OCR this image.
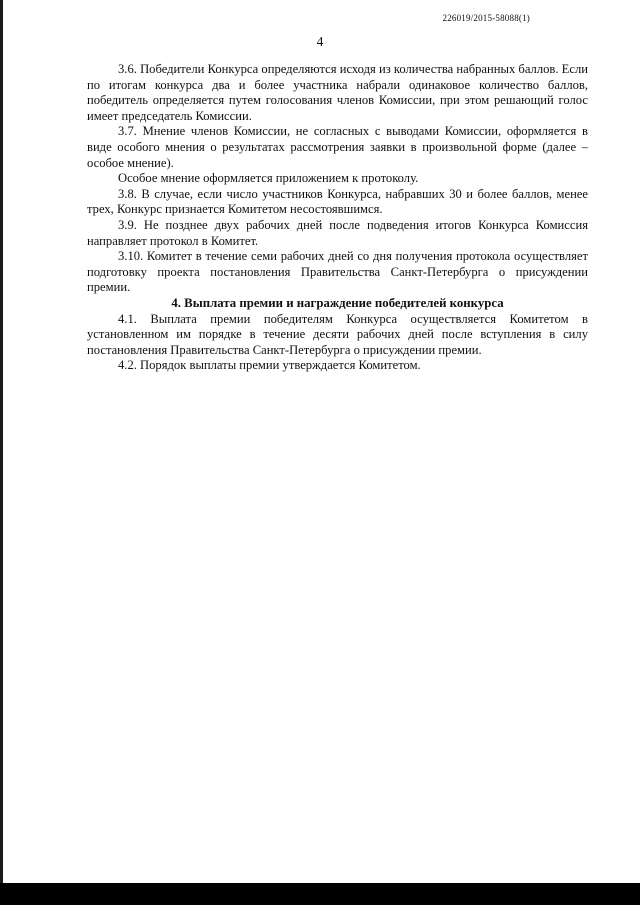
226019/2015-58088(1)
4

3.6. Победители Конкурса определяются исходя из количества набранных баллов. Если по итогам конкурса два и более участника набрали одинаковое количество баллов, победитель определяется путем голосования членов Комиссии, при этом решающий голос имеет председатель Комиссии.

3.7. Мнение членов Комиссии, не согласных с выводами Комиссии, оформляется в виде особого мнения о результатах рассмотрения заявки в произвольной форме (далее – особое мнение).

Особое мнение оформляется приложением к протоколу.

3.8. В случае, если число участников Конкурса, набравших 30 и более баллов, менее трех, Конкурс признается Комитетом несостоявшимся.

3.9. Не позднее двух рабочих дней после подведения итогов Конкурса Комиссия направляет протокол в Комитет.

3.10. Комитет в течение семи рабочих дней со дня получения протокола осуществляет подготовку проекта постановления Правительства Санкт-Петербурга о присуждении премии.

4. Выплата премии и награждение победителей конкурса

4.1. Выплата премии победителям Конкурса осуществляется Комитетом в установленном им порядке в течение десяти рабочих дней после вступления в силу постановления Правительства Санкт-Петербурга о присуждении премии.

4.2. Порядок выплаты премии утверждается Комитетом.
